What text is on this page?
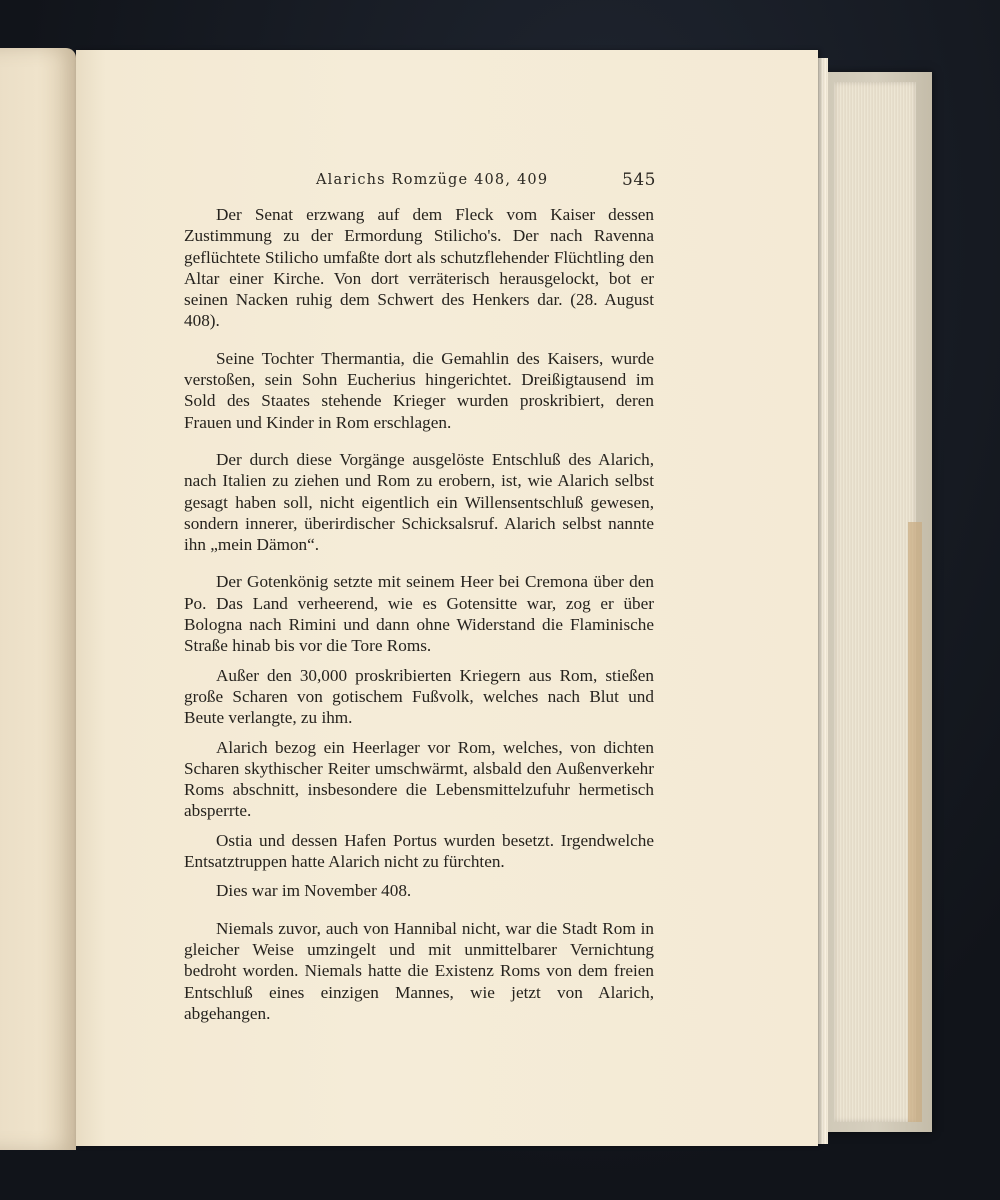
Alarichs Romzüge 408, 409	545

Der Senat erzwang auf dem Fleck vom Kaiser dessen Zustimmung zu der Ermordung Stilicho's. Der nach Ravenna geflüchtete Stilicho umfaßte dort als schutzflehender Flüchtling den Altar einer Kirche. Von dort verräterisch herausgelockt, bot er seinen Nacken ruhig dem Schwert des Henkers dar. (28. August 408).

Seine Tochter Thermantia, die Gemahlin des Kaisers, wurde verstoßen, sein Sohn Eucherius hingerichtet. Dreißigtausend im Sold des Staates stehende Krieger wurden proskribiert, deren Frauen und Kinder in Rom erschlagen.

Der durch diese Vorgänge ausgelöste Entschluß des Alarich, nach Italien zu ziehen und Rom zu erobern, ist, wie Alarich selbst gesagt haben soll, nicht eigentlich ein Willensentschluß gewesen, sondern innerer, überirdischer Schicksalsruf. Alarich selbst nannte ihn „mein Dämon“.

Der Gotenkönig setzte mit seinem Heer bei Cremona über den Po. Das Land verheerend, wie es Gotensitte war, zog er über Bologna nach Rimini und dann ohne Widerstand die Flaminische Straße hinab bis vor die Tore Roms.

Außer den 30,000 proskribierten Kriegern aus Rom, stießen große Scharen von gotischem Fußvolk, welches nach Blut und Beute verlangte, zu ihm.

Alarich bezog ein Heerlager vor Rom, welches, von dichten Scharen skythischer Reiter umschwärmt, alsbald den Außenverkehr Roms abschnitt, insbesondere die Lebensmittelzufuhr hermetisch absperrte.

Ostia und dessen Hafen Portus wurden besetzt. Irgendwelche Entsatztruppen hatte Alarich nicht zu fürchten.

Dies war im November 408.

Niemals zuvor, auch von Hannibal nicht, war die Stadt Rom in gleicher Weise umzingelt und mit unmittelbarer Vernichtung bedroht worden. Niemals hatte die Existenz Roms von dem freien Entschluß eines einzigen Mannes, wie jetzt von Alarich, abgehangen.
